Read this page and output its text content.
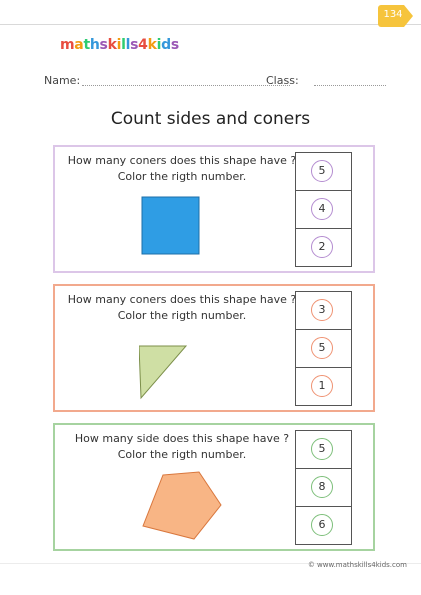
134
mathskills4kids
Name:	Class:
Count sides and coners
How many coners does this shape have ?
Color the rigth number.	5
4
2
How many coners does this shape have ?
Color the rigth number.	3
5
1
How many side does this shape have ?
Color the rigth number.	5
8
6
© www.mathskills4kids.com
